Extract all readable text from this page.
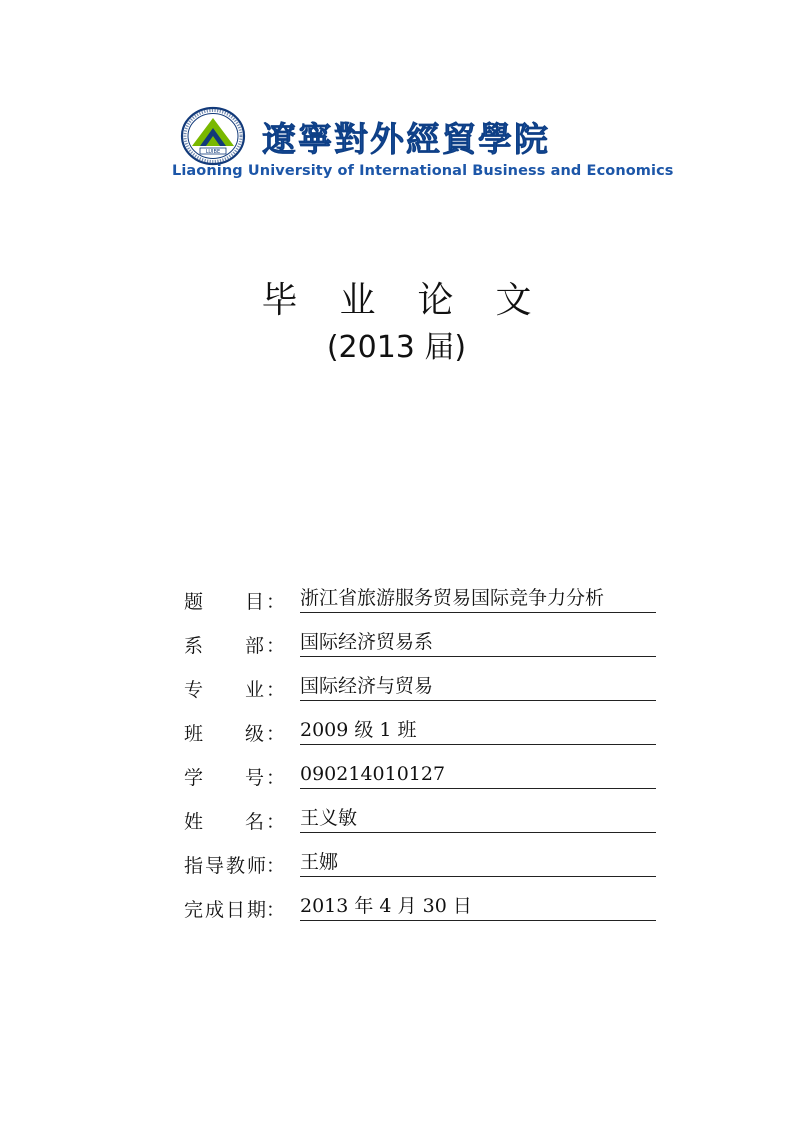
LUIBE 遼寧對外經貿學院
Liaoning University of International Business and Economics
毕业论文
(2013 届)
题 目 ： 浙江省旅游服务贸易国际竞争力分析
系 部 ： 国际经济贸易系
专 业 ： 国际经济与贸易
班 级 ： 2009 级 1 班
学 号 ： 090214010127
姓 名 ： 王义敏
指导教师
： 王娜
完成日期
： 2013 年 4 月 30 日
